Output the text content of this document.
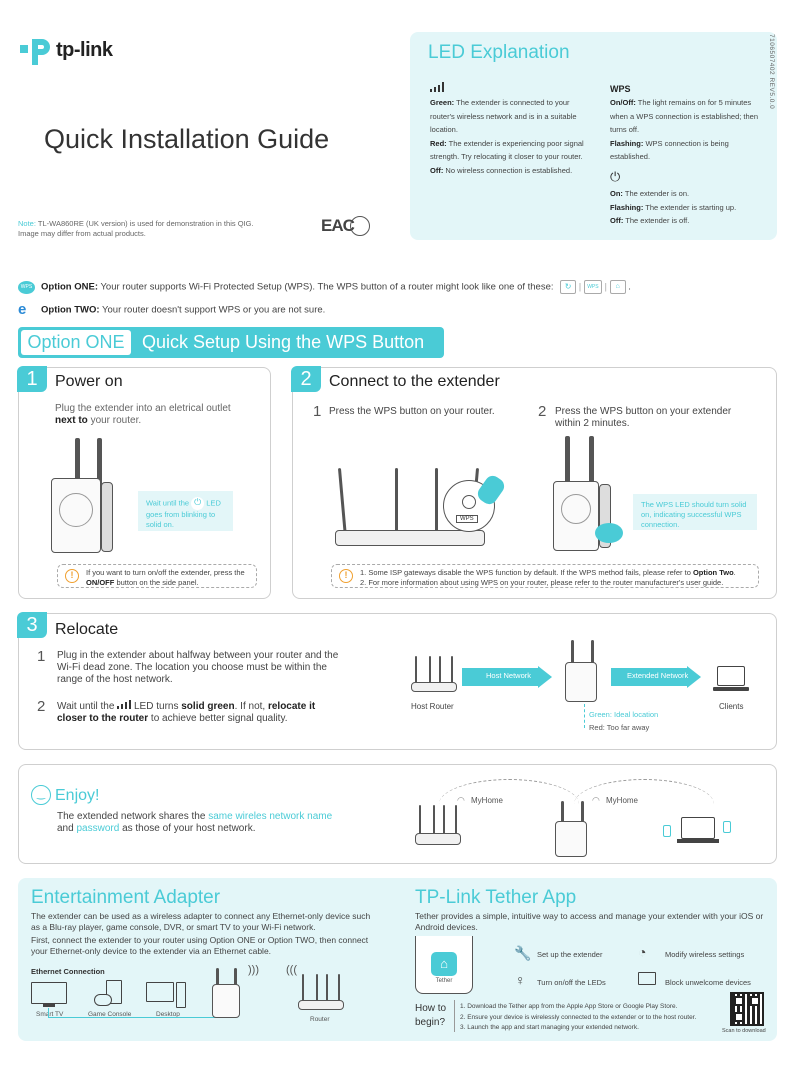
tp-link
Quick Installation Guide
Note: TL-WA860RE (UK version) is used for demonstration in this QIG. Image may differ from actual products.	EAC
LED Explanation
Green: The extender is connected to your router's wireless network and is in a suitable location.
Red: The extender is experiencing poor signal strength. Try relocating it closer to your router.
Off: No wireless connection is established.
WPS
On/Off: The light remains on for 5 minutes when a WPS connection is established; then turns off.
Flashing: WPS connection is being established.
⏻
On: The extender is on.
Flashing: The extender is starting up.
Off: The extender is off.
7106507402 REV5.0.0
WPS Option ONE: Your router supports Wi-Fi Protected Setup (WPS). The WPS button of a router might look like one of these: ↻ | WPS | ⌂ .
e Option TWO: Your router doesn't support WPS or you are not sure.
Option ONE Quick Setup Using the WPS Button
1	Power on
Plug the extender into an eletrical outlet
next to your router.
Wait until the ⏻ LED goes from blinking to solid on.
!	If you want to turn on/off the extender, press the ON/OFF button on the side panel.
2	Connect to the extender
1 Press the WPS button on your router.	2 Press the WPS button on your extender within 2 minutes.
WPS
The WPS LED should turn solid on, indicating successful WPS connection.
!	1. Some ISP gateways disable the WPS function by default. If the WPS method fails, please refer to Option Two.
2. For more information about using WPS on your router, please refer to the router manufacturer's user guide.
3	Relocate
1 Plug in the extender about halfway between your router and the Wi-Fi dead zone. The location you choose must be within the range of the host network.
2 Wait until the LED turns solid green. If not, relocate it closer to the router to achieve better signal quality.
Host Router
Host Network	Extended Network
Clients
Green: Ideal location
Red: Too far away
‿ Enjoy!
The extended network shares the same wireles network name
and password as those of your host network.
◠ MyHome	◠ MyHome
Entertainment Adapter
The extender can be used as a wireless adapter to connect any Ethernet-only device such as a Blu-ray player, game console, DVR, or smart TV to your Wi-Fi network.
First, connect the extender to your router using Option ONE or Option TWO, then connect your Ethernet-only device to the extender via an Ethernet cable.
Ethernet Connection
Smart TV	Game Console	Desktop
))) (((
Router
TP-Link Tether App
Tether provides a simple, intuitive way to access and manage your extender with your iOS or Android devices.
⌂
Tether
🔧 Set up the extender	◔ Modify wireless settings
♀ Turn on/off the LEDs	Block unwelcome devices
How to begin?
1. Download the Tether app from the Apple App Store or Google Play Store.
2. Ensure your device is wirelessly connected to the extender or to the host router.
3. Launch the app and start managing your extended network.	Scan to download
